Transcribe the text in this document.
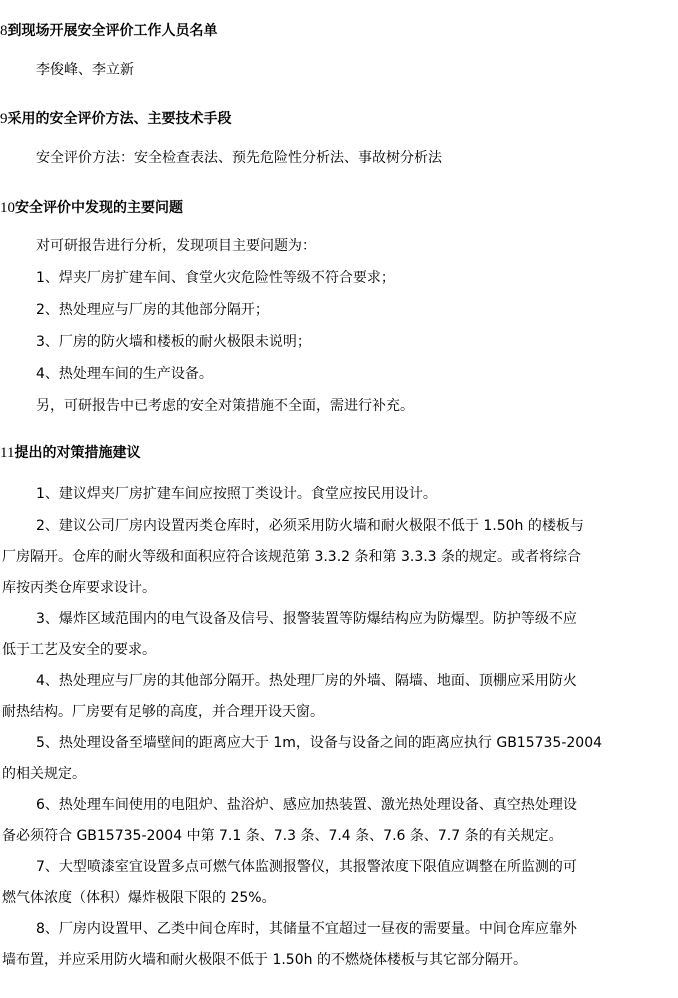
8到现场开展安全评价工作人员名单
李俊峰、李立新
9采用的安全评价方法、主要技术手段
安全评价方法：安全检查表法、预先危险性分析法、事故树分析法
10安全评价中发现的主要问题
对可研报告进行分析，发现项目主要问题为：
1、焊夹厂房扩建车间、食堂火灾危险性等级不符合要求；
2、热处理应与厂房的其他部分隔开；
3、厂房的防火墙和楼板的耐火极限未说明；
4、热处理车间的生产设备。
另，可研报告中已考虑的安全对策措施不全面，需进行补充。
11提出的对策措施建议
1、建议焊夹厂房扩建车间应按照丁类设计。食堂应按民用设计。
2、建议公司厂房内设置丙类仓库时，必须采用防火墙和耐火极限不低于 1.50h 的楼板与
厂房隔开。仓库的耐火等级和面积应符合该规范第 3.3.2 条和第 3.3.3 条的规定。或者将综合
库按丙类仓库要求设计。
3、爆炸区域范围内的电气设备及信号、报警装置等防爆结构应为防爆型。防护等级不应
低于工艺及安全的要求。
4、热处理应与厂房的其他部分隔开。热处理厂房的外墙、隔墙、地面、顶棚应采用防火
耐热结构。厂房要有足够的高度，并合理开设天窗。
5、热处理设备至墙壁间的距离应大于 1m，设备与设备之间的距离应执行 GB15735-2004
的相关规定。
6、热处理车间使用的电阻炉、盐浴炉、感应加热装置、激光热处理设备、真空热处理设
备必须符合 GB15735-2004 中第 7.1 条、7.3 条、7.4 条、7.6 条、7.7 条的有关规定。
7、大型喷漆室宜设置多点可燃气体监测报警仪，其报警浓度下限值应调整在所监测的可
燃气体浓度（体积）爆炸极限下限的 25%。
8、厂房内设置甲、乙类中间仓库时，其储量不宜超过一昼夜的需要量。中间仓库应靠外
墙布置，并应采用防火墙和耐火极限不低于 1.50h 的不燃烧体楼板与其它部分隔开。
